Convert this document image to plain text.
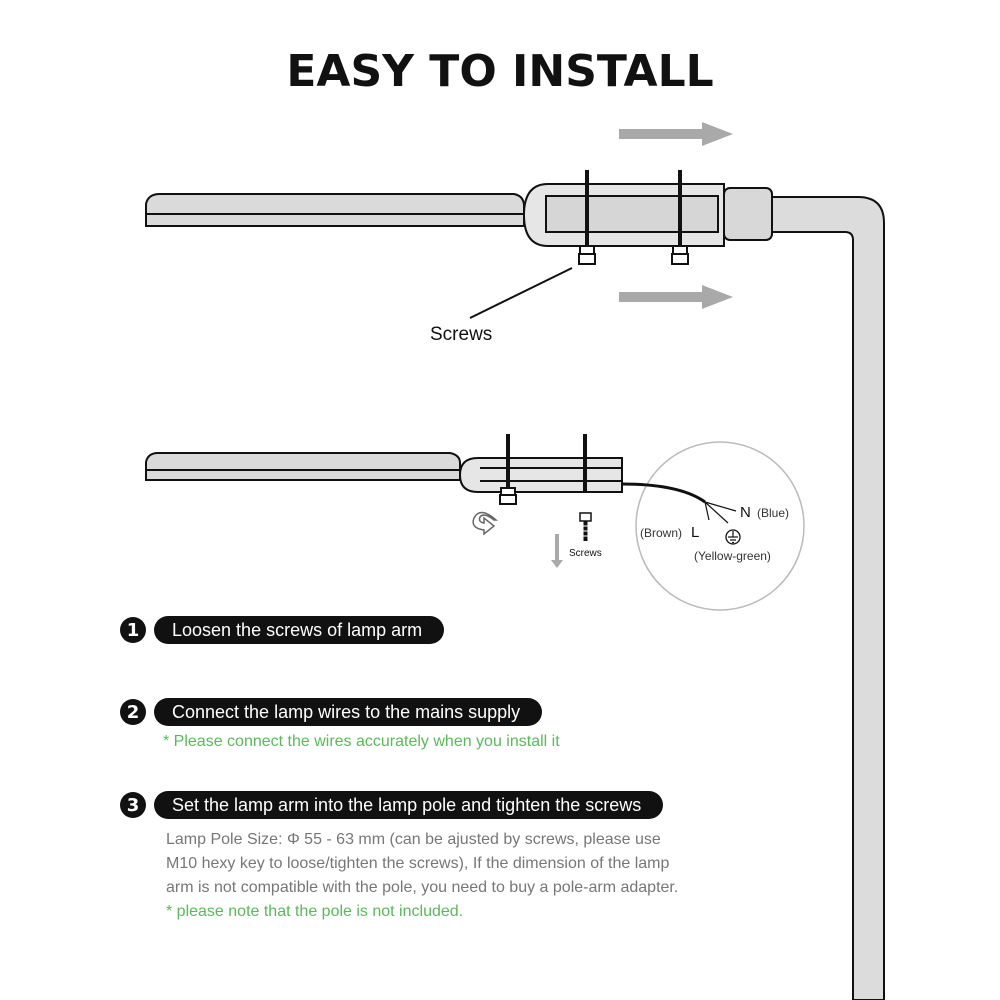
Screws
Screws
N (Blue)
(Brown) L
(Yellow-green)
EASY TO INSTALL
1	Loosen the screws of lamp arm
2	Connect the lamp wires to the mains supply
* Please connect the wires accurately when you install it
3	Set the lamp arm into the lamp pole and tighten the screws
Lamp Pole Size: Φ 55 - 63 mm (can be ajusted by screws, please use
M10 hexy key to loose/tighten the screws), If the dimension of the lamp
arm is not compatible with the pole, you need to buy a pole-arm adapter.
* please note that the pole is not included.
